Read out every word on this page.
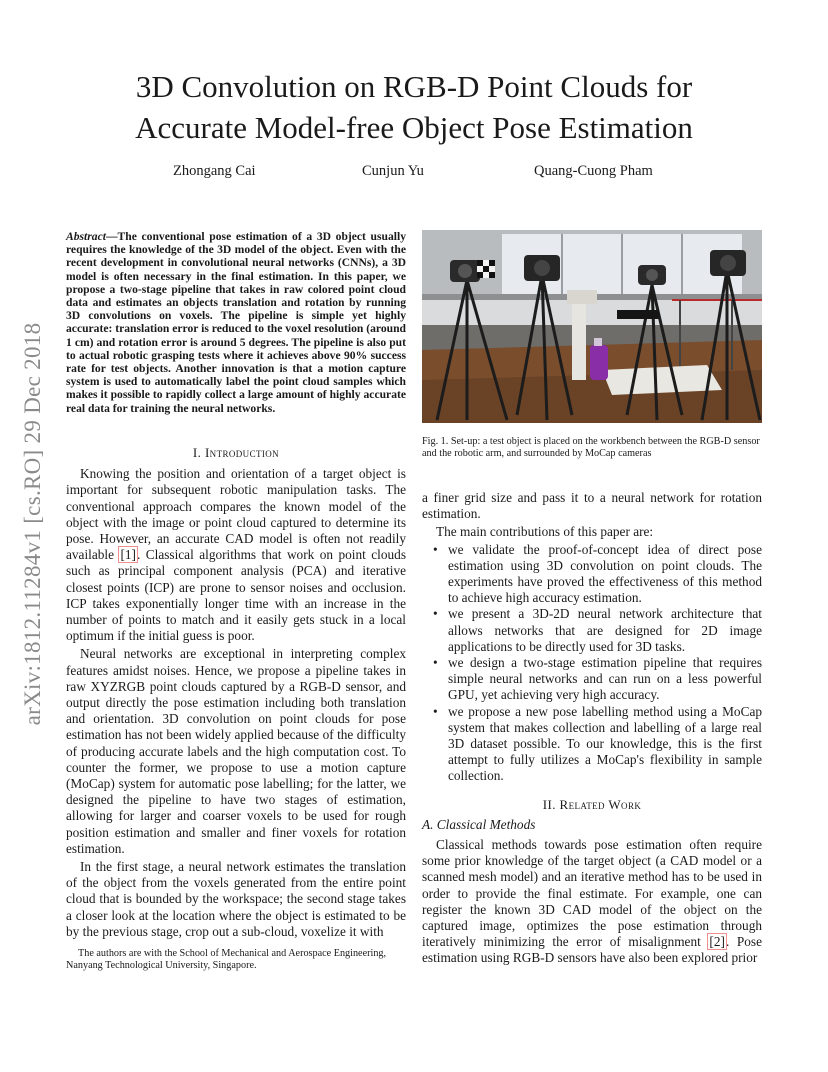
arXiv:1812.11284v1 [cs.RO] 29 Dec 2018
3D Convolution on RGB-D Point Clouds for
Accurate Model-free Object Pose Estimation
Zhongang Cai	Cunjun Yu	Quang-Cuong Pham

Abstract—The conventional pose estimation of a 3D object usually requires the knowledge of the 3D model of the object. Even with the recent development in convolutional neural networks (CNNs), a 3D model is often necessary in the final estimation. In this paper, we propose a two-stage pipeline that takes in raw colored point cloud data and estimates an objects translation and rotation by running 3D convolutions on voxels. The pipeline is simple yet highly accurate: translation error is reduced to the voxel resolution (around 1 cm) and rotation error is around 5 degrees. The pipeline is also put to actual robotic grasping tests where it achieves above 90% success rate for test objects. Another innovation is that a motion capture system is used to automatically label the point cloud samples which makes it possible to rapidly collect a large amount of highly accurate real data for training the neural networks.

I. Introduction

Knowing the position and orientation of a target object is important for subsequent robotic manipulation tasks. The conventional approach compares the known model of the object with the image or point cloud captured to determine its pose. However, an accurate CAD model is often not readily available [1]. Classical algorithms that work on point clouds such as principal component analysis (PCA) and iterative closest points (ICP) are prone to sensor noises and occlusion. ICP takes exponentially longer time with an increase in the number of points to match and it easily gets stuck in a local optimum if the initial guess is poor.

Neural networks are exceptional in interpreting complex features amidst noises. Hence, we propose a pipeline takes in raw XYZRGB point clouds captured by a RGB-D sensor, and output directly the pose estimation including both translation and orientation. 3D convolution on point clouds for pose estimation has not been widely applied because of the difficulty of producing accurate labels and the high computation cost. To counter the former, we propose to use a motion capture (MoCap) system for automatic pose labelling; for the latter, we designed the pipeline to have two stages of estimation, allowing for larger and coarser voxels to be used for rough position estimation and smaller and finer voxels for rotation estimation.

In the first stage, a neural network estimates the translation of the object from the voxels generated from the entire point cloud that is bounded by the workspace; the second stage takes a closer look at the location where the object is estimated to be by the previous stage, crop out a sub-cloud, voxelize it with

The authors are with the School of Mechanical and Aerospace Engineering, Nanyang Technological University, Singapore.

Fig. 1. Set-up: a test object is placed on the workbench between the RGB-D sensor and the robotic arm, and surrounded by MoCap cameras

a finer grid size and pass it to a neural network for rotation estimation.

The main contributions of this paper are:

• we validate the proof-of-concept idea of direct pose estimation using 3D convolution on point clouds. The experiments have proved the effectiveness of this method to achieve high accuracy estimation.
• we present a 3D-2D neural network architecture that allows networks that are designed for 2D image applications to be directly used for 3D tasks.
• we design a two-stage estimation pipeline that requires simple neural networks and can run on a less powerful GPU, yet achieving very high accuracy.
• we propose a new pose labelling method using a MoCap system that makes collection and labelling of a large real 3D dataset possible. To our knowledge, this is the first attempt to fully utilizes a MoCap's flexibility in sample collection.

II. Related Work

A. Classical Methods

Classical methods towards pose estimation often require some prior knowledge of the target object (a CAD model or a scanned mesh model) and an iterative method has to be used in order to provide the final estimate. For example, one can register the known 3D CAD model of the object on the captured image, optimizes the pose estimation through iteratively minimizing the error of misalignment [2]. Pose estimation using RGB-D sensors have also been explored prior
